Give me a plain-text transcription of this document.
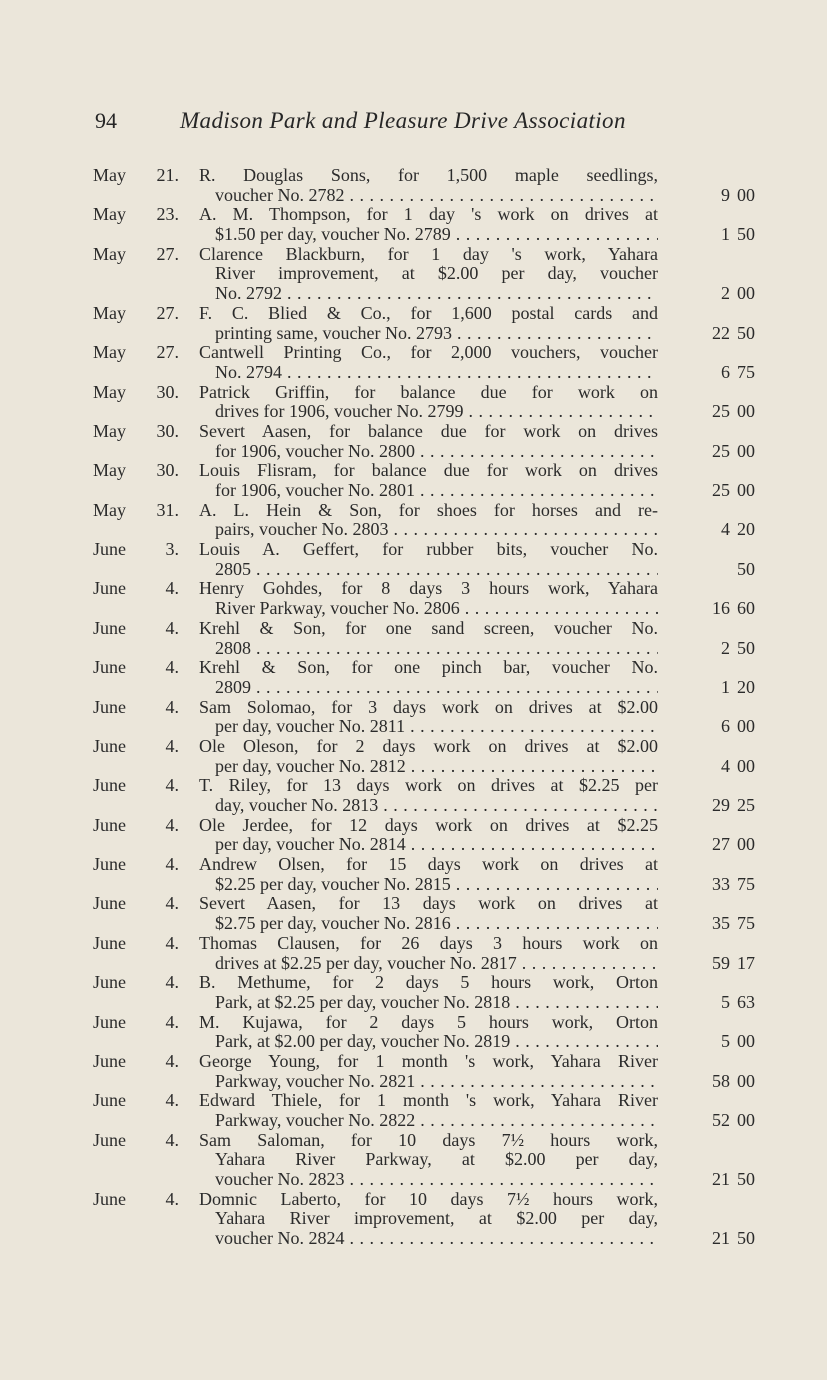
94	Madison Park and Pleasure Drive Association
May	21. R. Douglas Sons, for 1,500 maple seedlings,
voucher No. 2782 . . .	9 00
May	23. A. M. Thompson, for 1 day 's work on drives at
$1.50 per day, voucher No. 2789 . . .	1 50
May	27. Clarence Blackburn, for 1 day 's work, Yahara
River improvement, at $2.00 per day, voucher
No. 2792 . . .	2 00
May	27. F. C. Blied & Co., for 1,600 postal cards and
printing same, voucher No. 2793 . . .	22 50
May	27. Cantwell Printing Co., for 2,000 vouchers, voucher
No. 2794 . . .	6 75
May	30. Patrick Griffin, for balance due for work on
drives for 1906, voucher No. 2799 . . .	25 00
May	30. Severt Aasen, for balance due for work on drives
for 1906, voucher No. 2800 . . .	25 00
May	30. Louis Flisram, for balance due for work on drives
for 1906, voucher No. 2801 . . .	25 00
May	31. A. L. Hein & Son, for shoes for horses and re-
pairs, voucher No. 2803 . . .	4 20
June	3. Louis A. Geffert, for rubber bits, voucher No.
2805 . . .	50
June	4. Henry Gohdes, for 8 days 3 hours work, Yahara
River Parkway, voucher No. 2806 . . .	16 60
June	4. Krehl & Son, for one sand screen, voucher No.
2808 . . .	2 50
June	4. Krehl & Son, for one pinch bar, voucher No.
2809 . . .	1 20
June	4. Sam Solomao, for 3 days work on drives at $2.00
per day, voucher No. 2811 . . .	6 00
June	4. Ole Oleson, for 2 days work on drives at $2.00
per day, voucher No. 2812 . . .	4 00
June	4. T. Riley, for 13 days work on drives at $2.25 per
day, voucher No. 2813 . . .	29 25
June	4. Ole Jerdee, for 12 days work on drives at $2.25
per day, voucher No. 2814 . . .	27 00
June	4. Andrew Olsen, for 15 days work on drives at
$2.25 per day, voucher No. 2815 . . .	33 75
June	4. Severt Aasen, for 13 days work on drives at
$2.75 per day, voucher No. 2816 . . .	35 75
June	4. Thomas Clausen, for 26 days 3 hours work on
drives at $2.25 per day, voucher No. 2817 . . .	59 17
June	4. B. Methume, for 2 days 5 hours work, Orton
Park, at $2.25 per day, voucher No. 2818 . . .	5 63
June	4. M. Kujawa, for 2 days 5 hours work, Orton
Park, at $2.00 per day, voucher No. 2819 . . .	5 00
June	4. George Young, for 1 month 's work, Yahara River
Parkway, voucher No. 2821 . . .	58 00
June	4. Edward Thiele, for 1 month 's work, Yahara River
Parkway, voucher No. 2822 . . .	52 00
June	4. Sam Saloman, for 10 days 7½ hours work,
Yahara River Parkway, at $2.00 per day,
voucher No. 2823 . . .	21 50
June	4. Domnic Laberto, for 10 days 7½ hours work,
Yahara River improvement, at $2.00 per day,
voucher No. 2824 . . .	21 50
